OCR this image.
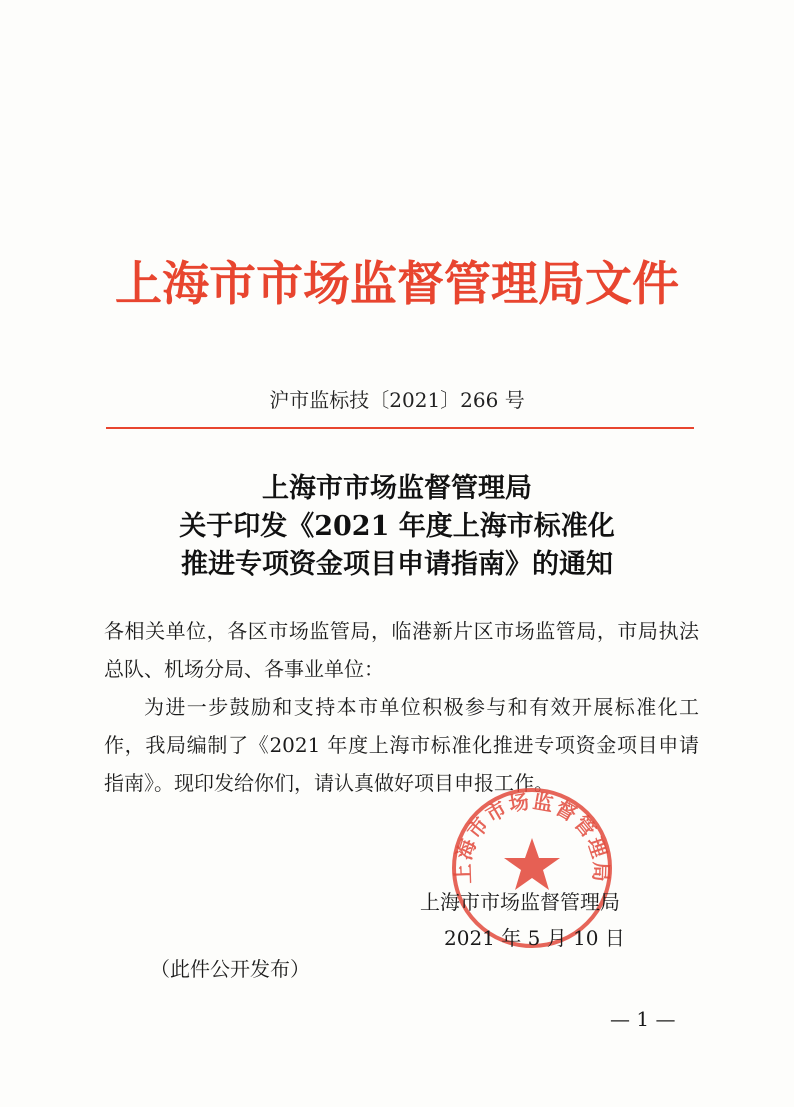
上海市市场监督管理局文件
沪市监标技〔2021〕266 号
上海市市场监督管理局
关于印发《2021 年度上海市标准化
推进专项资金项目申请指南》的通知

各相关单位，各区市场监管局，临港新片区市场监管局，市局执法总队、机场分局、各事业单位：

为进一步鼓励和支持本市单位积极参与和有效开展标准化工作，我局编制了《2021 年度上海市标准化推进专项资金项目申请指南》。现印发给你们，请认真做好项目申报工作。

上海市市场监督管理局
上海市市场监督管理局
2021 年 5 月 10 日
（此件公开发布）
— 1 —
